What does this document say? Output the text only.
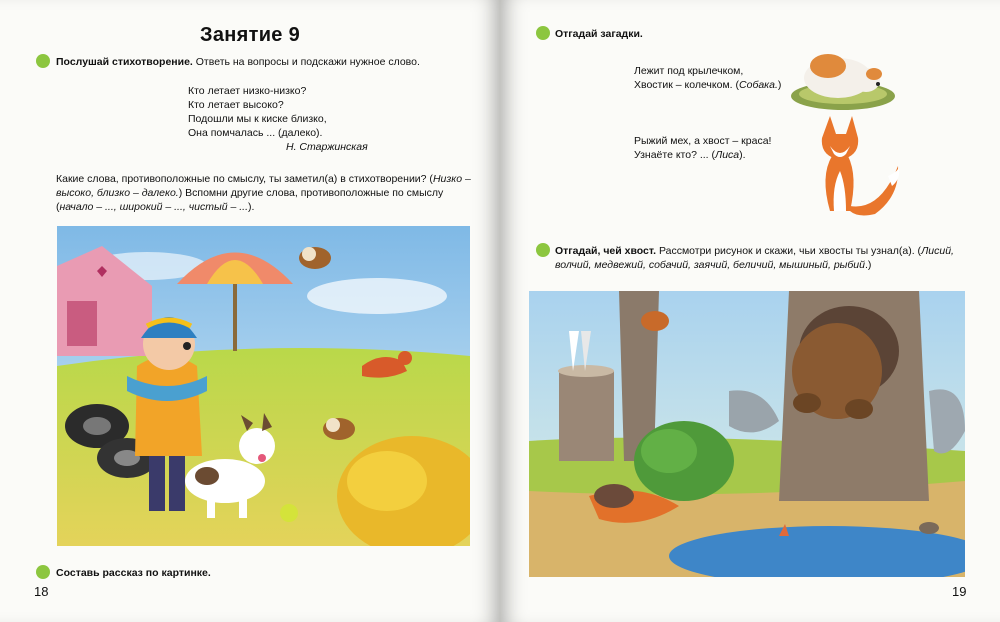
Занятие 9
Послушай стихотворение. Ответь на вопросы и подскажи нужное слово.
Кто летает низко-низко?
Кто летает высоко?
Подошли мы к киске близко,
Она помчалась ... (далеко).
Н. Старжинская
Какие слова, противоположные по смыслу, ты заметил(а) в стихотворении? (Низко – высоко, близко – далеко.) Вспомни другие слова, противоположные по смыслу (начало – ..., широкий – ..., чистый – ...).
Составь рассказ по картинке.
18
Отгадай загадки.
Лежит под крылечком,
Хвостик – колечком. (Собака.)
Рыжий мех, а хвост – краса!
Узнаёте кто? ... (Лиса).
Отгадай, чей хвост. Рассмотри рисунок и скажи, чьи хвосты ты узнал(а). (Лисий, волчий, медвежий, собачий, заячий, беличий, мышиный, рыбий.)
19
